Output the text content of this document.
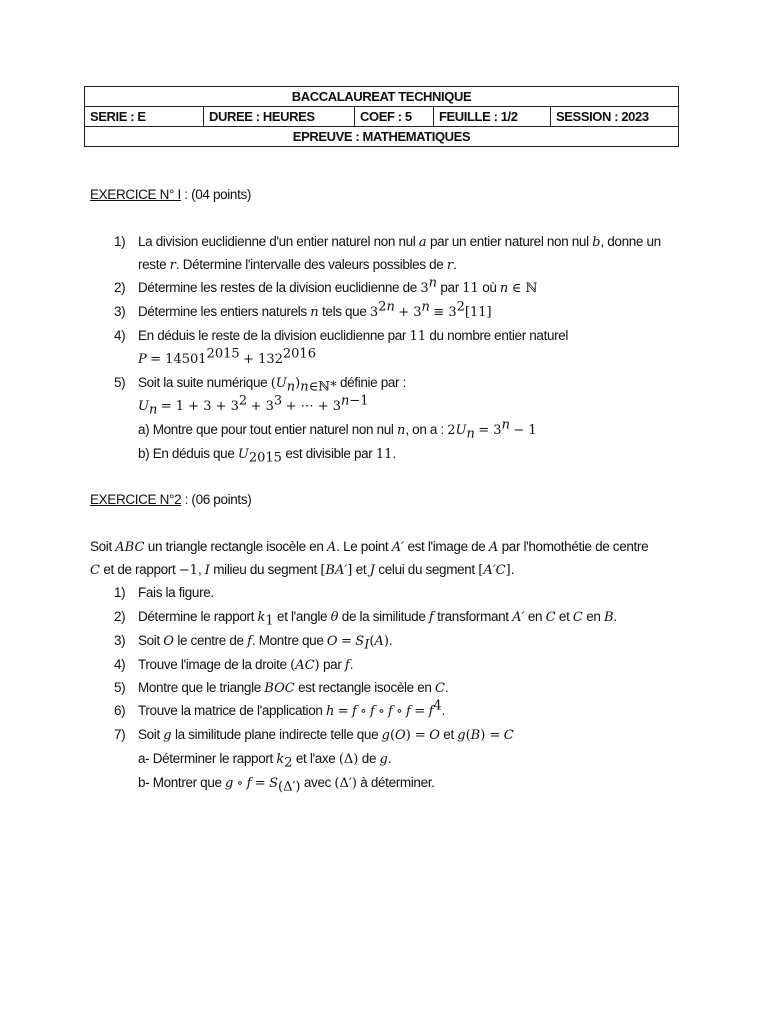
BACCALAUREAT TECHNIQUE
SERIE : E	DUREE : HEURES	COEF : 5	FEUILLE : 1/2	SESSION : 2023
EPREUVE : MATHEMATIQUES
EXERCICE N° I : (04 points)
1) La division euclidienne d'un entier naturel non nul a par un entier naturel non nul b, donne un
reste r. Détermine l'intervalle des valeurs possibles de r.
2) Détermine les restes de la division euclidienne de 3$^n$ par 11 où n ∈ ℕ
3) Détermine les entiers naturels n tels que $3^{2n} + 3^n \equiv 3^2[11]$
4) En déduis le reste de la division euclidienne par 11 du nombre entier naturel
$P = 14501^{2015} + 132^{2016}$
5) Soit la suite numérique $(U_n)_{n\in ℕ*}$ définie par :
$U_n = 1 + 3 + 3^2 + 3^3$ + ⋯ + $3^{n-1}$
a) Montre que pour tout entier naturel non nul n, on a : $2U_n = 3^n - 1$
b) En déduis que $U_{2015}$ est divisible par 11.
EXERCICE N°2 : (06 points)
Soit ABC un triangle rectangle isocèle en A. Le point A′ est l'image de A par l'homothétie de centre
C et de rapport −1, I milieu du segment [BA′] et J celui du segment [A′C].
1) Fais la figure.
2) Détermine le rapport $k_1$ et l'angle θ de la similitude f transformant A′ en C et C en B.
3) Soit O le centre de f. Montre que $O = S_I(A)$.
4) Trouve l'image de la droite (AC) par f.
5) Montre que le triangle BOC est rectangle isocèle en C.
6) Trouve la matrice de l'application h = f ∘ f ∘ f ∘ $f = f^4$.
7) Soit g la similitude plane indirecte telle que g(O) = O et g(B) = C
a- Déterminer le rapport $k_2$ et l'axe (Δ) de g.
b- Montrer que g ∘ $f = S_{(\Delta')}$ avec (Δ′) à déterminer.
